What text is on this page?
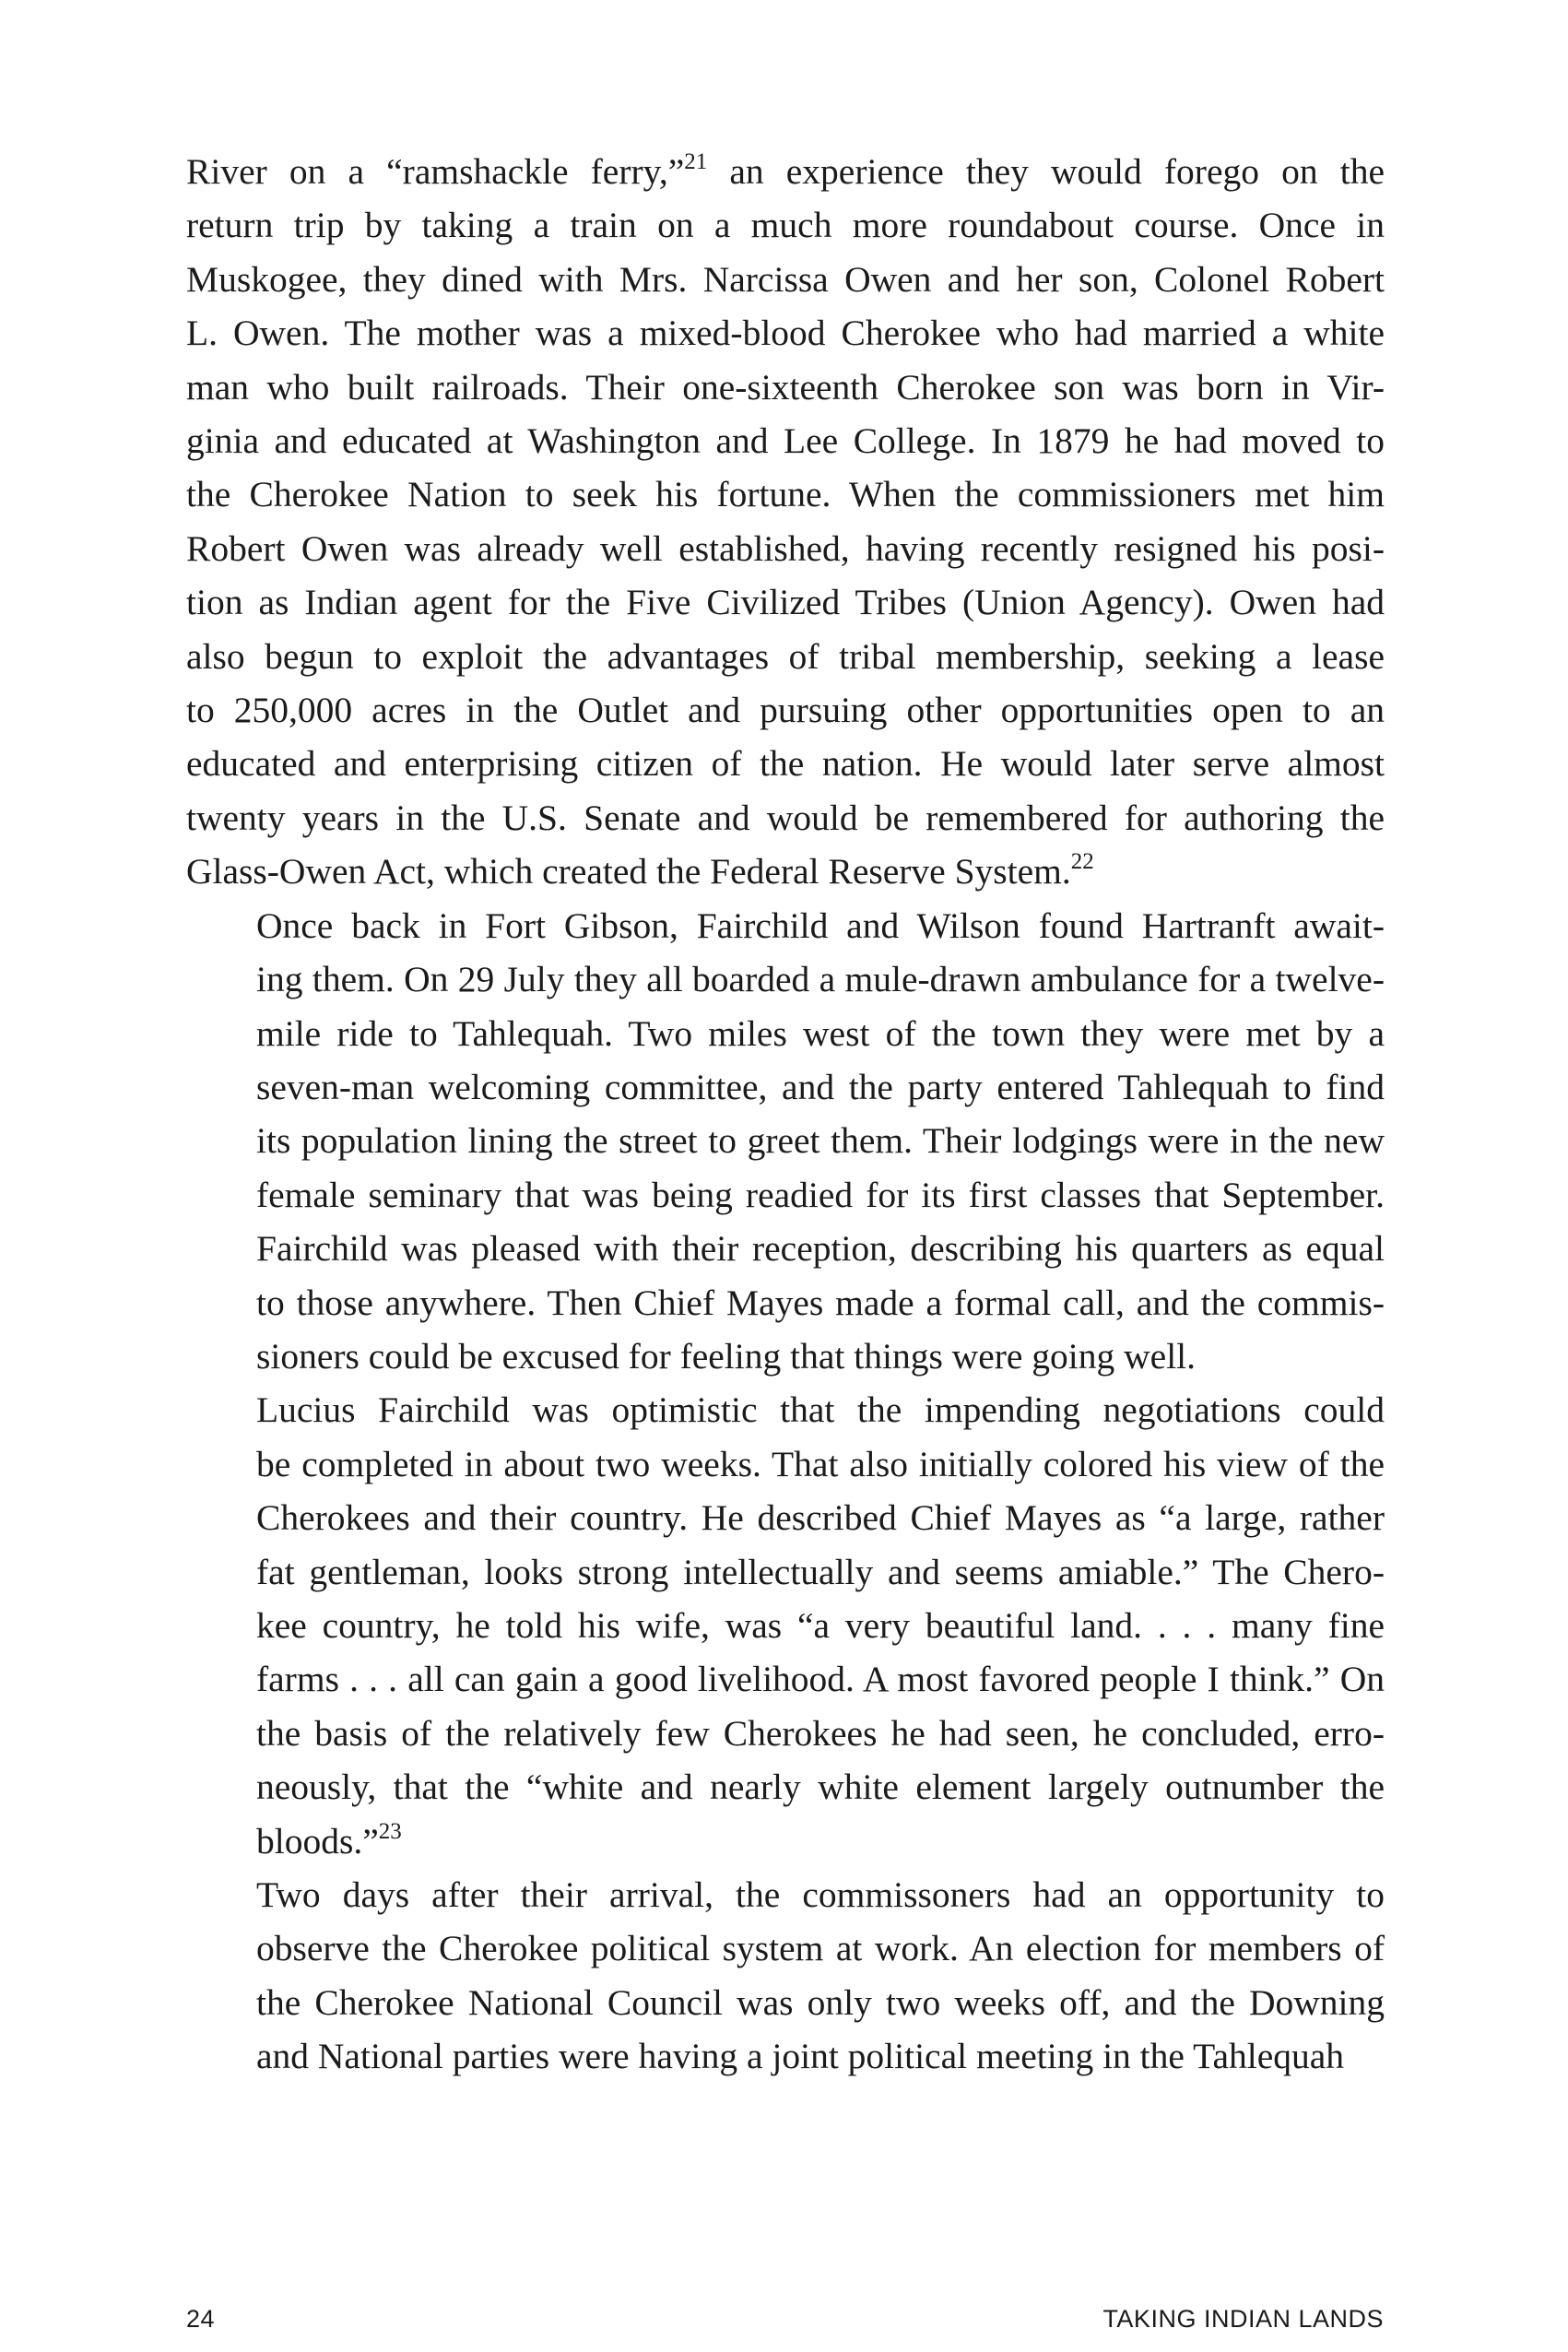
River on a “ramshackle ferry,”$^{21}$ an experience they would forego on the
return trip by taking a train on a much more roundabout course. Once in
Muskogee, they dined with Mrs. Narcissa Owen and her son, Colonel Robert
L. Owen. The mother was a mixed-blood Cherokee who had married a white
man who built railroads. Their one-sixteenth Cherokee son was born in Vir-
ginia and educated at Washington and Lee College. In 1879 he had moved to
the Cherokee Nation to seek his fortune. When the commissioners met him
Robert Owen was already well established, having recently resigned his posi-
tion as Indian agent for the Five Civilized Tribes (Union Agency). Owen had
also begun to exploit the advantages of tribal membership, seeking a lease
to 250,000 acres in the Outlet and pursuing other opportunities open to an
educated and enterprising citizen of the nation. He would later serve almost
twenty years in the U.S. Senate and would be remembered for authoring the
Glass-Owen Act, which created the Federal Reserve System.$^{22}$

Once back in Fort Gibson, Fairchild and Wilson found Hartranft await-
ing them. On 29 July they all boarded a mule-drawn ambulance for a twelve-
mile ride to Tahlequah. Two miles west of the town they were met by a
seven-man welcoming committee, and the party entered Tahlequah to find
its population lining the street to greet them. Their lodgings were in the new
female seminary that was being readied for its first classes that September.
Fairchild was pleased with their reception, describing his quarters as equal
to those anywhere. Then Chief Mayes made a formal call, and the commis-
sioners could be excused for feeling that things were going well.

Lucius Fairchild was optimistic that the impending negotiations could
be completed in about two weeks. That also initially colored his view of the
Cherokees and their country. He described Chief Mayes as “a large, rather
fat gentleman, looks strong intellectually and seems amiable.” The Chero-
kee country, he told his wife, was “a very beautiful land. . . . many fine
farms . . . all can gain a good livelihood. A most favored people I think.” On
the basis of the relatively few Cherokees he had seen, he concluded, erro-
neously, that the “white and nearly white element largely outnumber the
bloods.”$^{23}$

Two days after their arrival, the commissoners had an opportunity to
observe the Cherokee political system at work. An election for members of
the Cherokee National Council was only two weeks off, and the Downing
and National parties were having a joint political meeting in the Tahlequah

24	TAKING INDIAN LANDS
